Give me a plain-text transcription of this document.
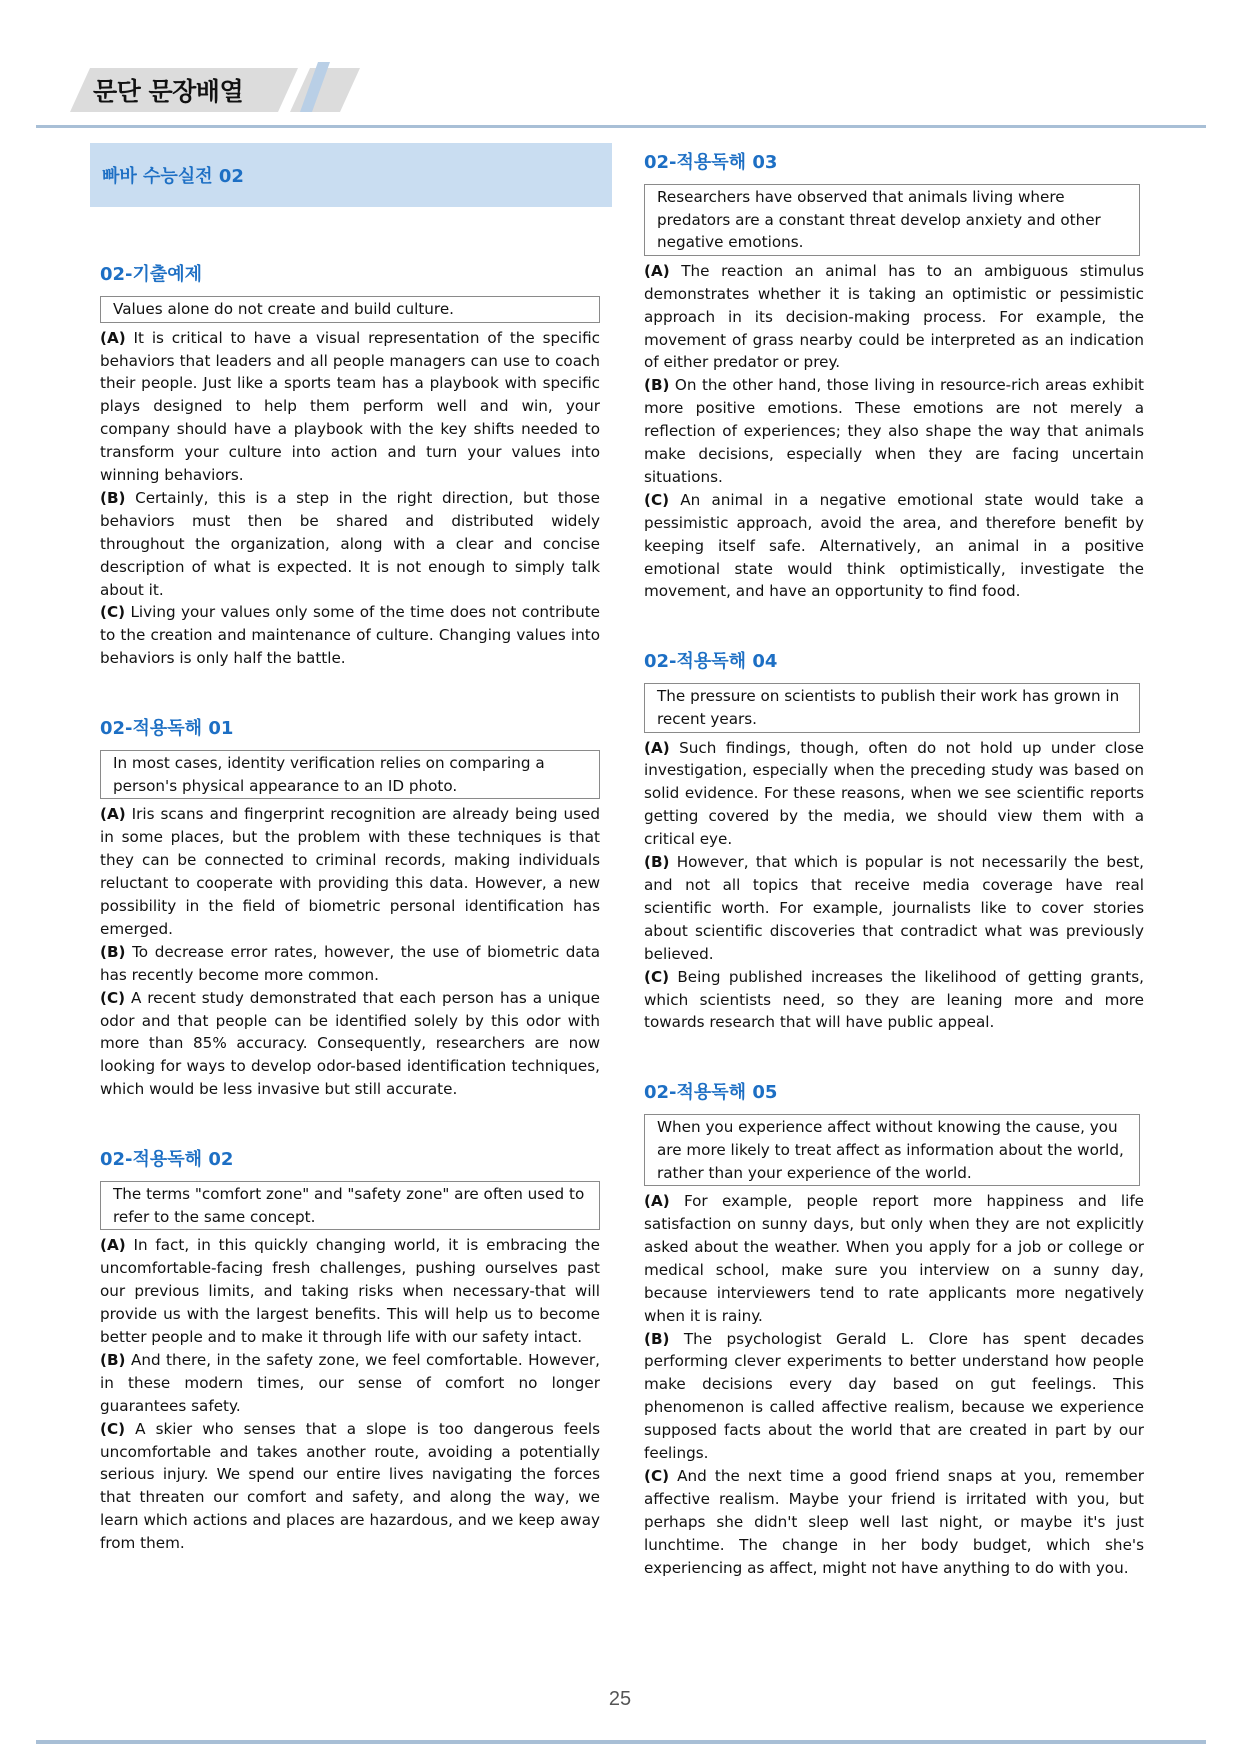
문단 문장배열
빠바 수능실전 02
02-기출예제
Values alone do not create and build culture.

(A) It is critical to have a visual representation of the specific behaviors that leaders and all people managers can use to coach their people. Just like a sports team has a playbook with specific plays designed to help them perform well and win, your company should have a playbook with the key shifts needed to transform your culture into action and turn your values into winning behaviors.

(B) Certainly, this is a step in the right direction, but those behaviors must then be shared and distributed widely throughout the organization, along with a clear and concise description of what is expected. It is not enough to simply talk about it.

(C) Living your values only some of the time does not contribute to the creation and maintenance of culture. Changing values into behaviors is only half the battle.

02-적용독해 01
In most cases, identity verification relies on comparing a person's physical appearance to an ID photo.

(A) Iris scans and fingerprint recognition are already being used in some places, but the problem with these techniques is that they can be connected to criminal records, making individuals reluctant to cooperate with providing this data. However, a new possibility in the field of biometric personal identification has emerged.

(B) To decrease error rates, however, the use of biometric data has recently become more common.

(C) A recent study demonstrated that each person has a unique odor and that people can be identified solely by this odor with more than 85% accuracy. Consequently, researchers are now looking for ways to develop odor-based identification techniques, which would be less invasive but still accurate.

02-적용독해 02
The terms "comfort zone" and "safety zone" are often used to refer to the same concept.

(A) In fact, in this quickly changing world, it is embracing the uncomfortable-facing fresh challenges, pushing ourselves past our previous limits, and taking risks when necessary-that will provide us with the largest benefits. This will help us to become better people and to make it through life with our safety intact.

(B) And there, in the safety zone, we feel comfortable. However, in these modern times, our sense of comfort no longer guarantees safety.

(C) A skier who senses that a slope is too dangerous feels uncomfortable and takes another route, avoiding a potentially serious injury. We spend our entire lives navigating the forces that threaten our comfort and safety, and along the way, we learn which actions and places are hazardous, and we keep away from them.

02-적용독해 03
Researchers have observed that animals living where predators are a constant threat develop anxiety and other negative emotions.

(A) The reaction an animal has to an ambiguous stimulus demonstrates whether it is taking an optimistic or pessimistic approach in its decision-making process. For example, the movement of grass nearby could be interpreted as an indication of either predator or prey.

(B) On the other hand, those living in resource-rich areas exhibit more positive emotions. These emotions are not merely a reflection of experiences; they also shape the way that animals make decisions, especially when they are facing uncertain situations.

(C) An animal in a negative emotional state would take a pessimistic approach, avoid the area, and therefore benefit by keeping itself safe. Alternatively, an animal in a positive emotional state would think optimistically, investigate the movement, and have an opportunity to find food.

02-적용독해 04
The pressure on scientists to publish their work has grown in recent years.

(A) Such findings, though, often do not hold up under close investigation, especially when the preceding study was based on solid evidence. For these reasons, when we see scientific reports getting covered by the media, we should view them with a critical eye.

(B) However, that which is popular is not necessarily the best, and not all topics that receive media coverage have real scientific worth. For example, journalists like to cover stories about scientific discoveries that contradict what was previously believed.

(C) Being published increases the likelihood of getting grants, which scientists need, so they are leaning more and more towards research that will have public appeal.

02-적용독해 05
When you experience affect without knowing the cause, you are more likely to treat affect as information about the world, rather than your experience of the world.

(A) For example, people report more happiness and life satisfaction on sunny days, but only when they are not explicitly asked about the weather. When you apply for a job or college or medical school, make sure you interview on a sunny day, because interviewers tend to rate applicants more negatively when it is rainy.

(B) The psychologist Gerald L. Clore has spent decades performing clever experiments to better understand how people make decisions every day based on gut feelings. This phenomenon is called affective realism, because we experience supposed facts about the world that are created in part by our feelings.

(C) And the next time a good friend snaps at you, remember affective realism. Maybe your friend is irritated with you, but perhaps she didn't sleep well last night, or maybe it's just lunchtime. The change in her body budget, which she's experiencing as affect, might not have anything to do with you.

25
